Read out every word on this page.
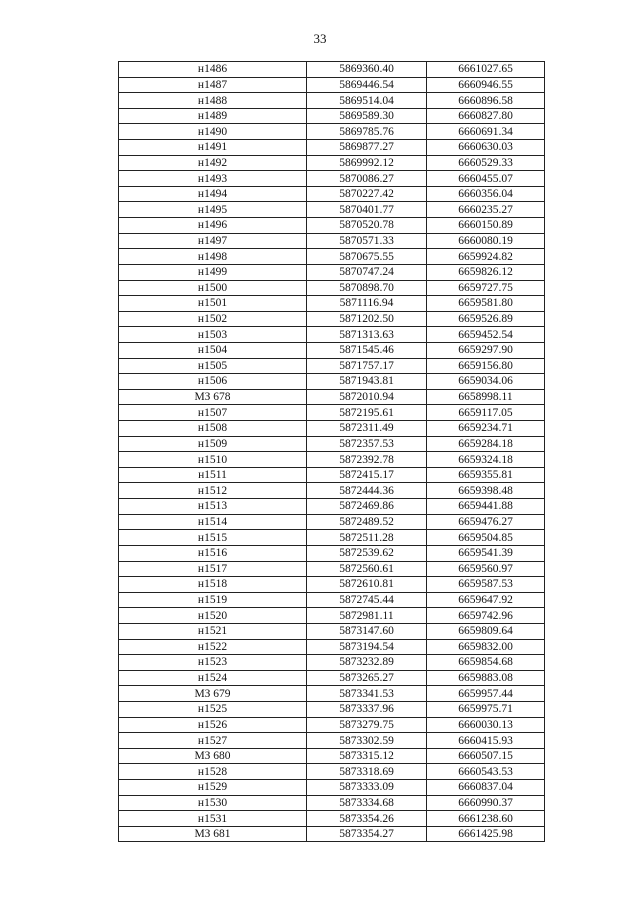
33
н1486	5869360.40	6661027.65
н1487	5869446.54	6660946.55
н1488	5869514.04	6660896.58
н1489	5869589.30	6660827.80
н1490	5869785.76	6660691.34
н1491	5869877.27	6660630.03
н1492	5869992.12	6660529.33
н1493	5870086.27	6660455.07
н1494	5870227.42	6660356.04
н1495	5870401.77	6660235.27
н1496	5870520.78	6660150.89
н1497	5870571.33	6660080.19
н1498	5870675.55	6659924.82
н1499	5870747.24	6659826.12
н1500	5870898.70	6659727.75
н1501	5871116.94	6659581.80
н1502	5871202.50	6659526.89
н1503	5871313.63	6659452.54
н1504	5871545.46	6659297.90
н1505	5871757.17	6659156.80
н1506	5871943.81	6659034.06
МЗ 678	5872010.94	6658998.11
н1507	5872195.61	6659117.05
н1508	5872311.49	6659234.71
н1509	5872357.53	6659284.18
н1510	5872392.78	6659324.18
н1511	5872415.17	6659355.81
н1512	5872444.36	6659398.48
н1513	5872469.86	6659441.88
н1514	5872489.52	6659476.27
н1515	5872511.28	6659504.85
н1516	5872539.62	6659541.39
н1517	5872560.61	6659560.97
н1518	5872610.81	6659587.53
н1519	5872745.44	6659647.92
н1520	5872981.11	6659742.96
н1521	5873147.60	6659809.64
н1522	5873194.54	6659832.00
н1523	5873232.89	6659854.68
н1524	5873265.27	6659883.08
МЗ 679	5873341.53	6659957.44
н1525	5873337.96	6659975.71
н1526	5873279.75	6660030.13
н1527	5873302.59	6660415.93
МЗ 680	5873315.12	6660507.15
н1528	5873318.69	6660543.53
н1529	5873333.09	6660837.04
н1530	5873334.68	6660990.37
н1531	5873354.26	6661238.60
МЗ 681	5873354.27	6661425.98
